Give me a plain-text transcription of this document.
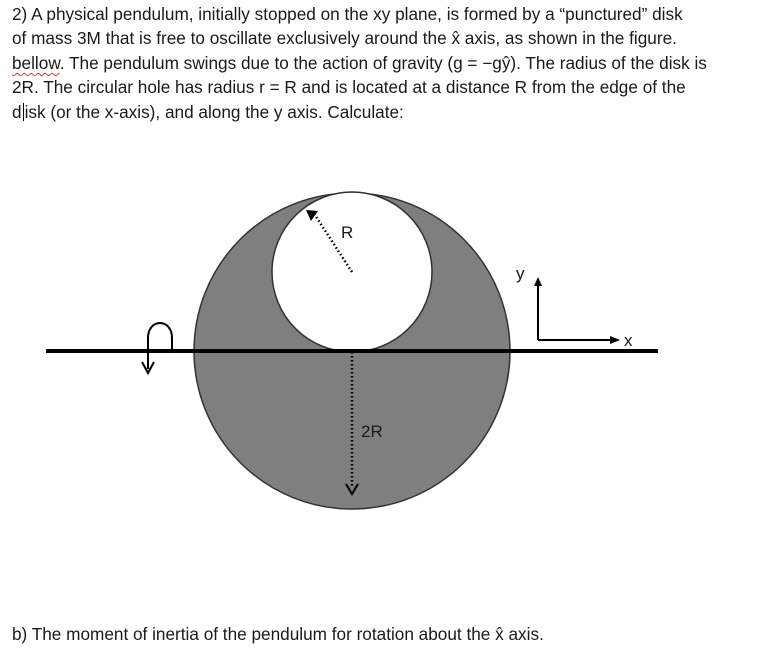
2) A physical pendulum, initially stopped on the xy plane, is formed by a “punctured” disk
of mass 3M that is free to oscillate exclusively around the x̂ axis, as shown in the figure.
bellow. The pendulum swings due to the action of gravity (g = −gŷ). The radius of the disk is
2R. The circular hole has radius r = R and is located at a distance R from the edge of the
d isk (or the x-axis), and along the y axis. Calculate:
R
2R
y
x

b) The moment of inertia of the pendulum for rotation about the x̂ axis.
